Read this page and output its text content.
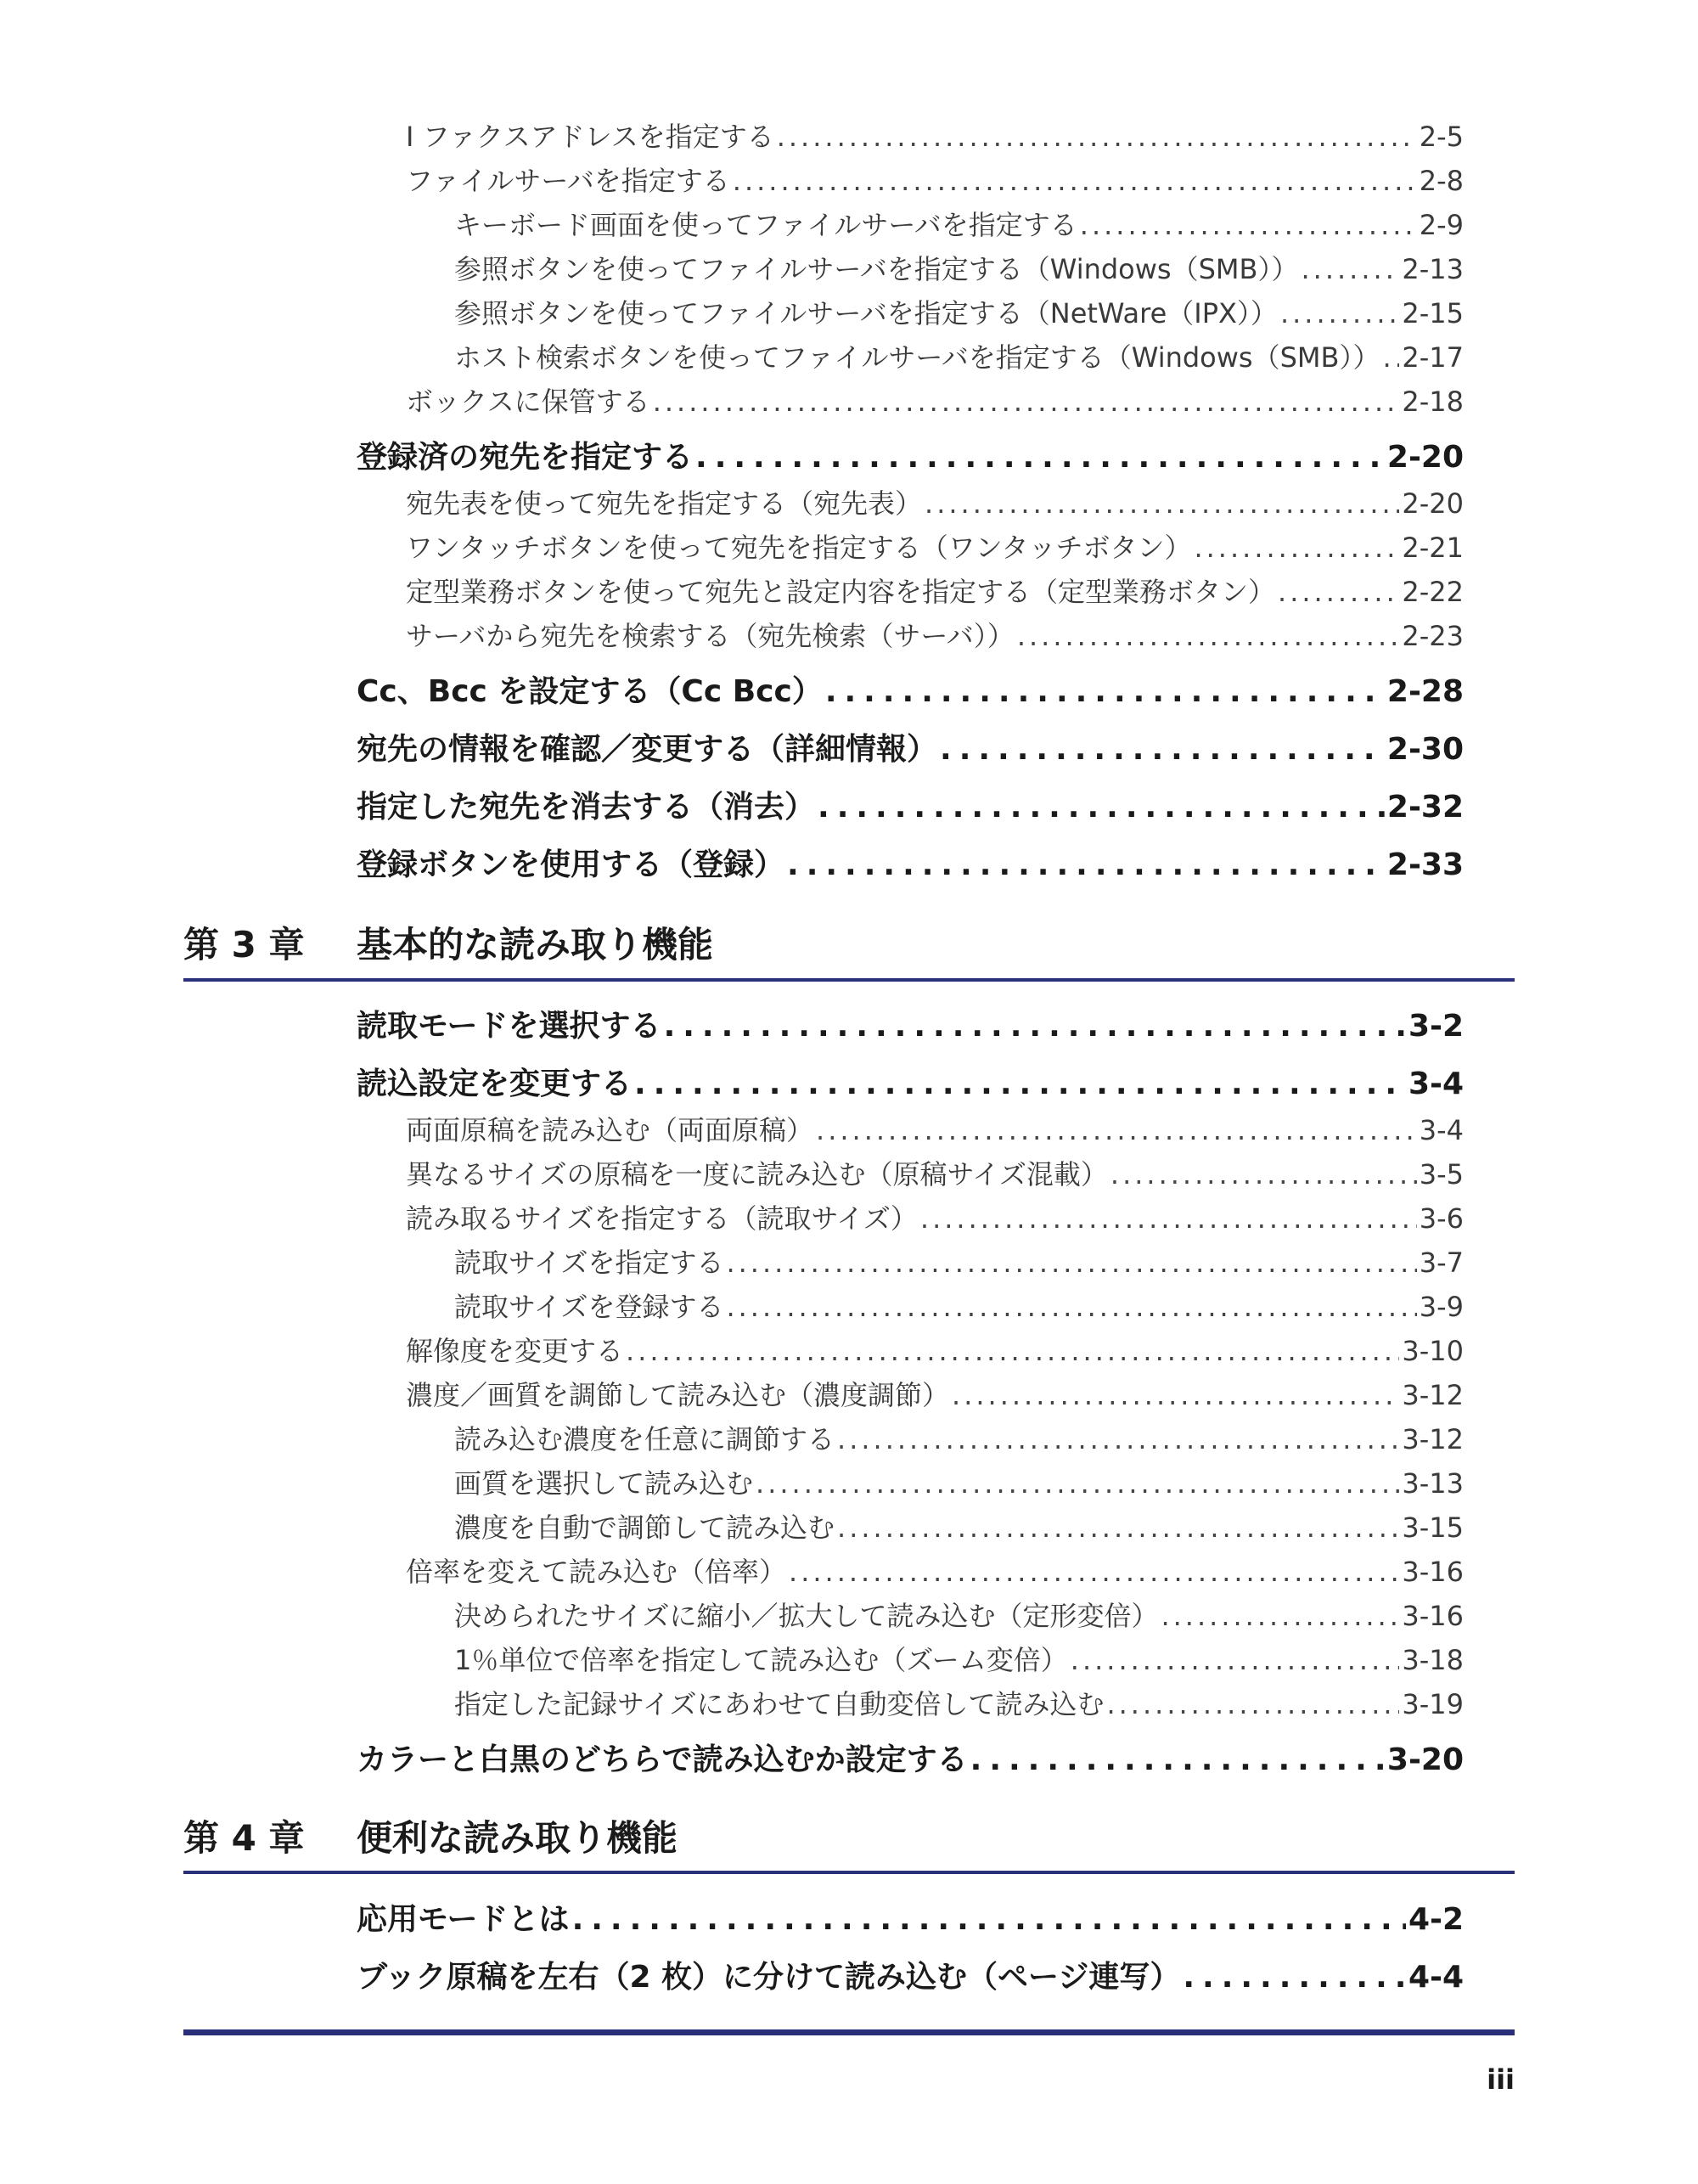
I ファクスアドレスを指定する .....	2-5
ファイルサーバを指定する .....	2-8
キーボード画面を使ってファイルサーバを指定する .....	2-9
参照ボタンを使ってファイルサーバを指定する（Windows（SMB）） .....	2-13
参照ボタンを使ってファイルサーバを指定する（NetWare（IPX）） .....	2-15
ホスト検索ボタンを使ってファイルサーバを指定する（Windows（SMB）） ..... 2-17
ボックスに保管する .....	2-18
登録済の宛先を指定する .....	2-20
宛先表を使って宛先を指定する（宛先表） .....	2-20
ワンタッチボタンを使って宛先を指定する（ワンタッチボタン） .....	2-21
定型業務ボタンを使って宛先と設定内容を指定する（定型業務ボタン） .....	2-22
サーバから宛先を検索する（宛先検索（サーバ）） .....	2-23
Cc、Bcc を設定する（Cc Bcc） .....	2-28
宛先の情報を確認／変更する（詳細情報） .....	2-30
指定した宛先を消去する（消去） .....	2-32
登録ボタンを使用する（登録） .....	2-33
第 3 章	基本的な読み取り機能
読取モードを選択する .....	3-2
読込設定を変更する .....	3-4
両面原稿を読み込む（両面原稿） .....	3-4
異なるサイズの原稿を一度に読み込む（原稿サイズ混載） .....	3-5
読み取るサイズを指定する（読取サイズ） .....	3-6
読取サイズを指定する .....	3-7
読取サイズを登録する .....	3-9
解像度を変更する .....	3-10
濃度／画質を調節して読み込む（濃度調節） .....	3-12
読み込む濃度を任意に調節する .....	3-12
画質を選択して読み込む .....	3-13
濃度を自動で調節して読み込む .....	3-15
倍率を変えて読み込む（倍率） .....	3-16
決められたサイズに縮小／拡大して読み込む（定形変倍） .....	3-16
1％単位で倍率を指定して読み込む（ズーム変倍） .....	3-18
指定した記録サイズにあわせて自動変倍して読み込む .....	3-19
カラーと白黒のどちらで読み込むか設定する .....	3-20
第 4 章	便利な読み取り機能
応用モードとは .....	4-2
ブック原稿を左右（2 枚）に分けて読み込む（ページ連写） .....	4-4
iii
